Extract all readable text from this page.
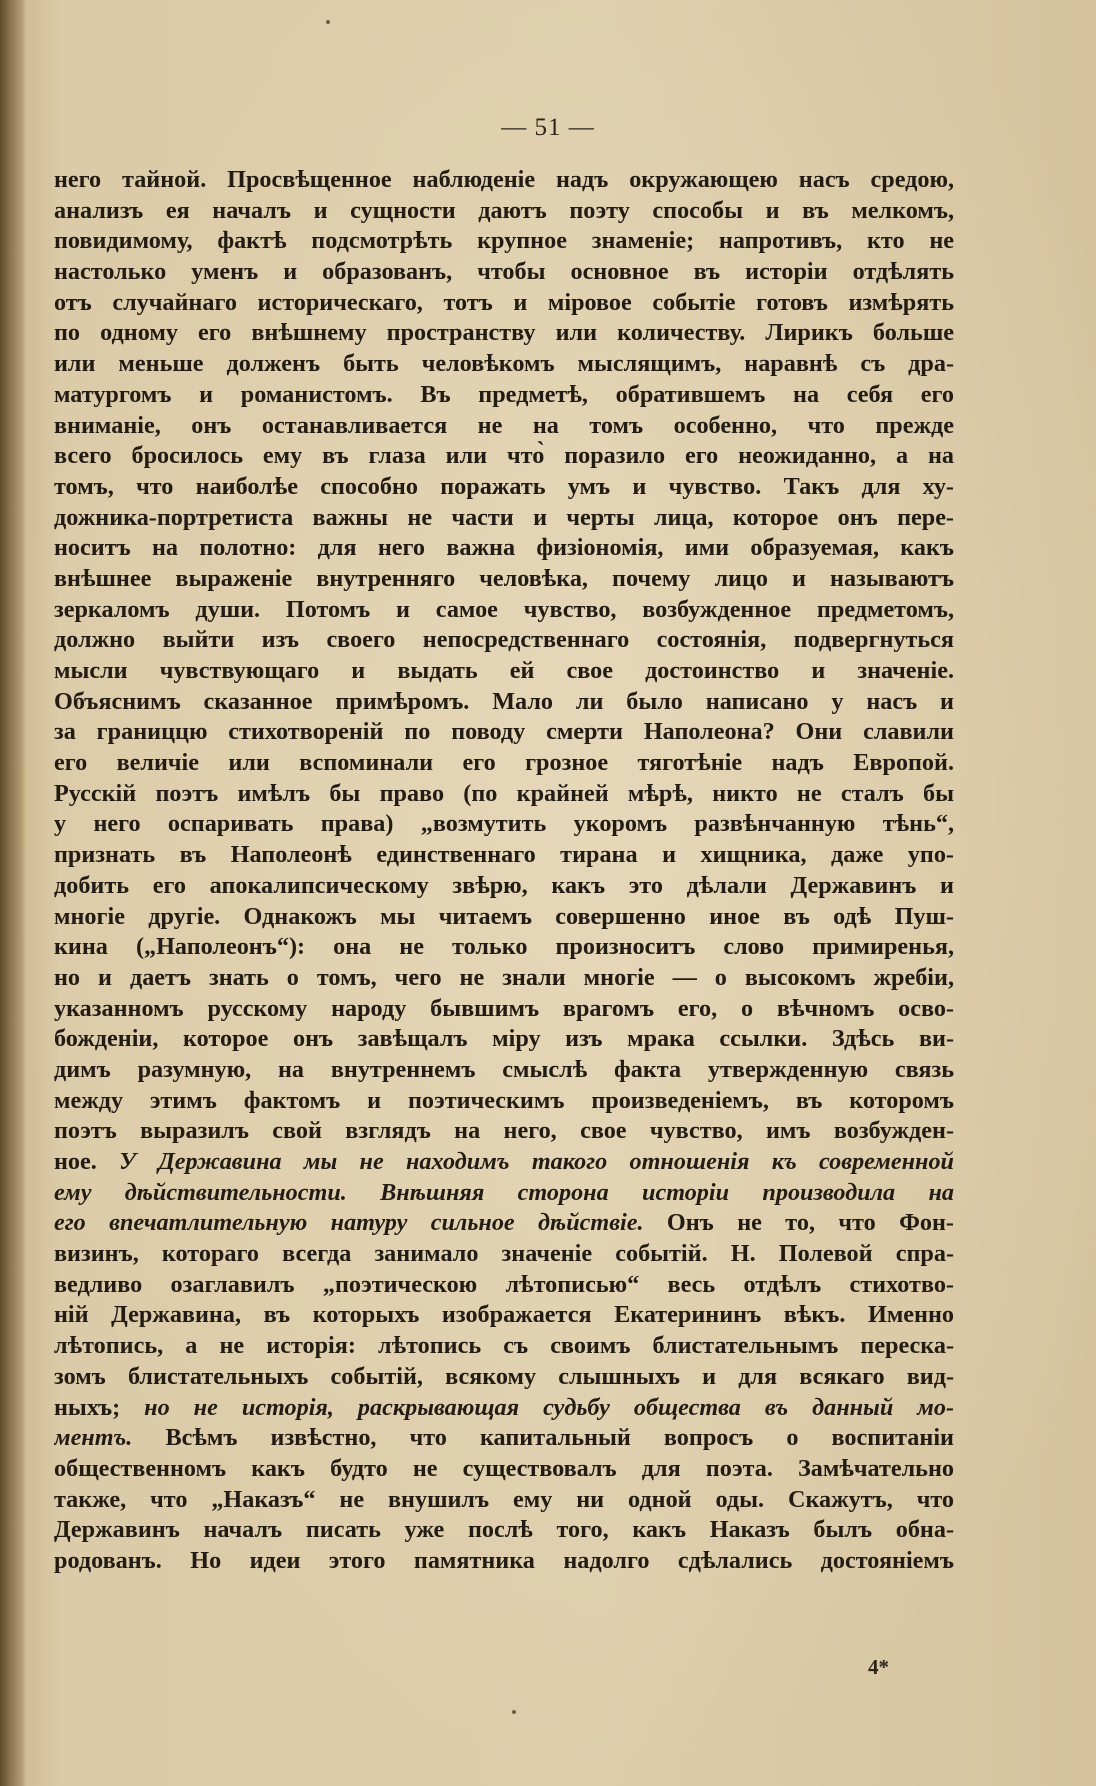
— 51 —
него тайной. Просвѣщенное наблюденіе надъ окружающею насъ средою,
анализъ ея началъ и сущности даютъ поэту способы и въ мелкомъ,
повидимому, фактѣ подсмотрѣть крупное знаменіе; напротивъ, кто не
настолько уменъ и образованъ, чтобы основное въ исторіи отдѣлять
отъ случайнаго историческаго, тотъ и міровое событіе готовъ измѣрять
по одному его внѣшнему пространству или количеству. Лирикъ больше
или меньше долженъ быть человѣкомъ мыслящимъ, наравнѣ съ дра-
матургомъ и романистомъ. Въ предметѣ, обратившемъ на себя его
вниманіе, онъ останавливается не на томъ особенно, что прежде
всего бросилось ему въ глаза или что̀ поразило его неожиданно, а на
томъ, что наиболѣе способно поражать умъ и чувство. Такъ для ху-
дожника-портретиста важны не части и черты лица, которое онъ пере-
носитъ на полотно: для него важна физіономія, ими образуемая, какъ
внѣшнее выраженіе внутренняго человѣка, почему лицо и называютъ
зеркаломъ души. Потомъ и самое чувство, возбужденное предметомъ,
должно выйти изъ своего непосредственнаго состоянія, подвергнуться
мысли чувствующаго и выдать ей свое достоинство и значеніе.
Объяснимъ сказанное примѣромъ. Мало ли было написано у насъ и
за границцю стихотвореній по поводу смерти Наполеона? Они славили
его величіе или вспоминали его грозное тяготѣніе надъ Европой.
Русскій поэтъ имѣлъ бы право (по крайней мѣрѣ, никто не сталъ бы
у него оспаривать права) „возмутить укоромъ развѣнчанную тѣнь“,
признать въ Наполеонѣ единственнаго тирана и хищника, даже упо-
добить его апокалипсическому звѣрю, какъ это дѣлали Державинъ и
многіе другіе. Однакожъ мы читаемъ совершенно иное въ одѣ Пуш-
кина („Наполеонъ“): она не только произноситъ слово примиренья,
но и даетъ знать о томъ, чего не знали многіе — о высокомъ жребіи,
указанномъ русскому народу бывшимъ врагомъ его, о вѣчномъ осво-
божденіи, которое онъ завѣщалъ міру изъ мрака ссылки. Здѣсь ви-
димъ разумную, на внутреннемъ смыслѣ факта утвержденную связь
между этимъ фактомъ и поэтическимъ произведеніемъ, въ которомъ
поэтъ выразилъ свой взглядъ на него, свое чувство, имъ возбужден-
ное. У Державина мы не находимъ такого отношенія къ современной
ему дѣйствительности. Внѣшняя сторона исторіи производила на
его впечатлительную натуру сильное дѣйствіе. Онъ не то, что Фон-
визинъ, котораго всегда занимало значеніе событій. Н. Полевой спра-
ведливо озаглавилъ „поэтическою лѣтописью“ весь отдѣлъ стихотво-
ній Державина, въ которыхъ изображается Екатерининъ вѣкъ. Именно
лѣтопись, а не исторія: лѣтопись съ своимъ блистательнымъ переска-
зомъ блистательныхъ событій, всякому слышныхъ и для всякаго вид-
ныхъ; но не исторія, раскрывающая судьбу общества въ данный мо-
ментъ. Всѣмъ извѣстно, что капитальный вопросъ о воспитаніи
общественномъ какъ будто не существовалъ для поэта. Замѣчательно
также, что „Наказъ“ не внушилъ ему ни одной оды. Скажутъ, что
Державинъ началъ писать уже послѣ того, какъ Наказъ былъ обна-
родованъ. Но идеи этого памятника надолго сдѣлались достояніемъ
4*
